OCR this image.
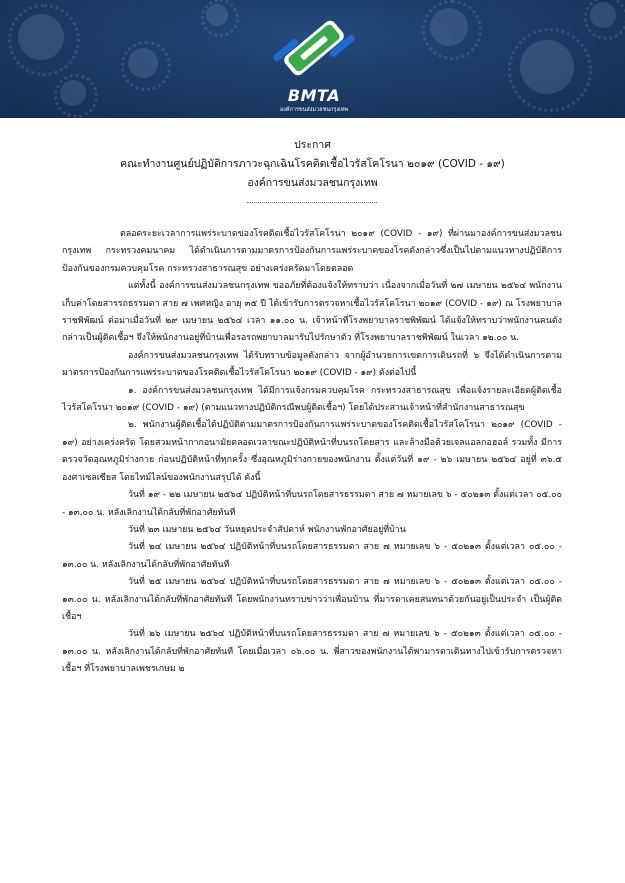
BMTA
องค์การขนส่งมวลชนกรุงเทพ
ประกาศ
คณะทำงานศูนย์ปฏิบัติการภาวะฉุกเฉินโรคติดเชื้อไวรัสโคโรนา ๒๐๑๙ (COVID - ๑๙)
องค์การขนส่งมวลชนกรุงเทพ

ตลอดระยะเวลาการแพร่ระบาดของโรคติดเชื้อไวรัสโคโรนา ๒๐๑๙ (COVID - ๑๙) ที่ผ่านมาองค์การขนส่งมวลชนกรุงเทพ กระทรวงคมนาคม ได้ดำเนินการตามมาตรการป้องกันการแพร่ระบาดของโรคดังกล่าวซึ่งเป็นไปตามแนวทางปฏิบัติการป้องกันของกรมควบคุมโรค กระทรวงสาธารณสุข อย่างเคร่งครัดมาโดยตลอด

แต่ทั้งนี้ องค์การขนส่งมวลชนกรุงเทพ ขออภัยที่ต้องแจ้งให้ทราบว่า เนื่องจากเมื่อวันที่ ๒๗ เมษายน ๒๕๖๔ พนักงานเก็บค่าโดยสารรถธรรมดา สาย ๗ เพศหญิง อายุ ๓๕ ปี ได้เข้ารับการตรวจหาเชื้อไวรัสโคโรนา ๒๐๑๙ (COVID - ๑๙) ณ โรงพยาบาลราชพิพัฒน์ ต่อมาเมื่อวันที่ ๒๙ เมษายน ๒๕๖๔ เวลา ๑๑.๐๐ น. เจ้าหน้าที่โรงพยาบาลราชพิพัฒน์ ได้แจ้งให้ทราบว่าพนักงานคนดังกล่าวเป็นผู้ติดเชื้อฯ จึงให้พนักงานอยู่ที่บ้านเพื่อรอรถพยาบาลมารับไปรักษาตัว ที่โรงพยาบาลราชพิพัฒน์ ในเวลา ๑๒.๐๐ น.

องค์การขนส่งมวลชนกรุงเทพ ได้รับทราบข้อมูลดังกล่าว จากผู้อำนวยการเขตการเดินรถที่ ๖ จึงได้ดำเนินการตามมาตรการป้องกันการแพร่ระบาดของโรคติดเชื้อไวรัสโคโรนา ๒๐๑๙ (COVID - ๑๙) ดังต่อไปนี้

๑. องค์การขนส่งมวลชนกรุงเทพ ได้มีการแจ้งกรมควบคุมโรค กระทรวงสาธารณสุข เพื่อแจ้งรายละเอียดผู้ติดเชื้อไวรัสโคโรนา ๒๐๑๙ (COVID - ๑๙) (ตามแนวทางปฏิบัติกรณีพบผู้ติดเชื้อฯ) โดยได้ประสานเจ้าหน้าที่สำนักงานสาธารณสุข

๒. พนักงานผู้ติดเชื้อได้ปฏิบัติตามมาตรการป้องกันการแพร่ระบาดของโรคติดเชื้อไวรัสโคโรนา ๒๐๑๙ (COVID - ๑๙) อย่างเคร่งครัด โดยสวมหน้ากากอนามัยตลอดเวลาขณะปฏิบัติหน้าที่บนรถโดยสาร และล้างมือด้วยเจลแอลกอฮอล์ รวมทั้ง มีการตรวจวัดอุณหภูมิร่างกาย ก่อนปฏิบัติหน้าที่ทุกครั้ง ซึ่งอุณหภูมิร่างกายของพนักงาน ตั้งแต่วันที่ ๑๙ - ๒๖ เมษายน ๒๕๖๔ อยู่ที่ ๓๖.๕ องศาเซลเซียส โดยไทม์ไลน์ของพนักงานสรุปได้ ดังนี้

วันที่ ๑๙ - ๒๒ เมษายน ๒๕๖๔ ปฏิบัติหน้าที่บนรถโดยสารธรรมดา สาย ๗ หมายเลข ๖ - ๕๐๒๑๓ ตั้งแต่เวลา ๐๕.๐๐ - ๑๓.๐๐ น. หลังเลิกงานได้กลับที่พักอาศัยทันที

วันที่ ๒๓ เมษายน ๒๕๖๔ วันหยุดประจำสัปดาห์ พนักงานพักอาศัยอยู่ที่บ้าน

วันที่ ๒๔ เมษายน ๒๕๖๔ ปฏิบัติหน้าที่บนรถโดยสารธรรมดา สาย ๗ หมายเลข ๖ - ๕๐๒๑๓ ตั้งแต่เวลา ๐๕.๐๐ - ๑๓.๐๐ น. หลังเลิกงานได้กลับที่พักอาศัยทันที

วันที่ ๒๕ เมษายน ๒๕๖๔ ปฏิบัติหน้าที่บนรถโดยสารธรรมดา สาย ๗ หมายเลข ๖ - ๕๐๒๑๓ ตั้งแต่เวลา ๐๕.๐๐ - ๑๓.๐๐ น. หลังเลิกงานได้กลับที่พักอาศัยทันที โดยพนักงานทราบข่าวว่าเพื่อนบ้าน ที่มารดาเคยสนทนาด้วยกันอยู่เป็นประจำ เป็นผู้ติดเชื้อฯ

วันที่ ๒๖ เมษายน ๒๕๖๔ ปฏิบัติหน้าที่บนรถโดยสารธรรมดา สาย ๗ หมายเลข ๖ - ๕๐๒๑๓ ตั้งแต่เวลา ๐๕.๐๐ - ๑๓.๐๐ น. หลังเลิกงานได้กลับที่พักอาศัยทันที โดยเมื่อเวลา ๐๖.๐๐ น. พี่สาวของพนักงานได้พามารดาเดินทางไปเข้ารับการตรวจหาเชื้อฯ ที่โรงพยาบาลเพชรเกษม ๒
